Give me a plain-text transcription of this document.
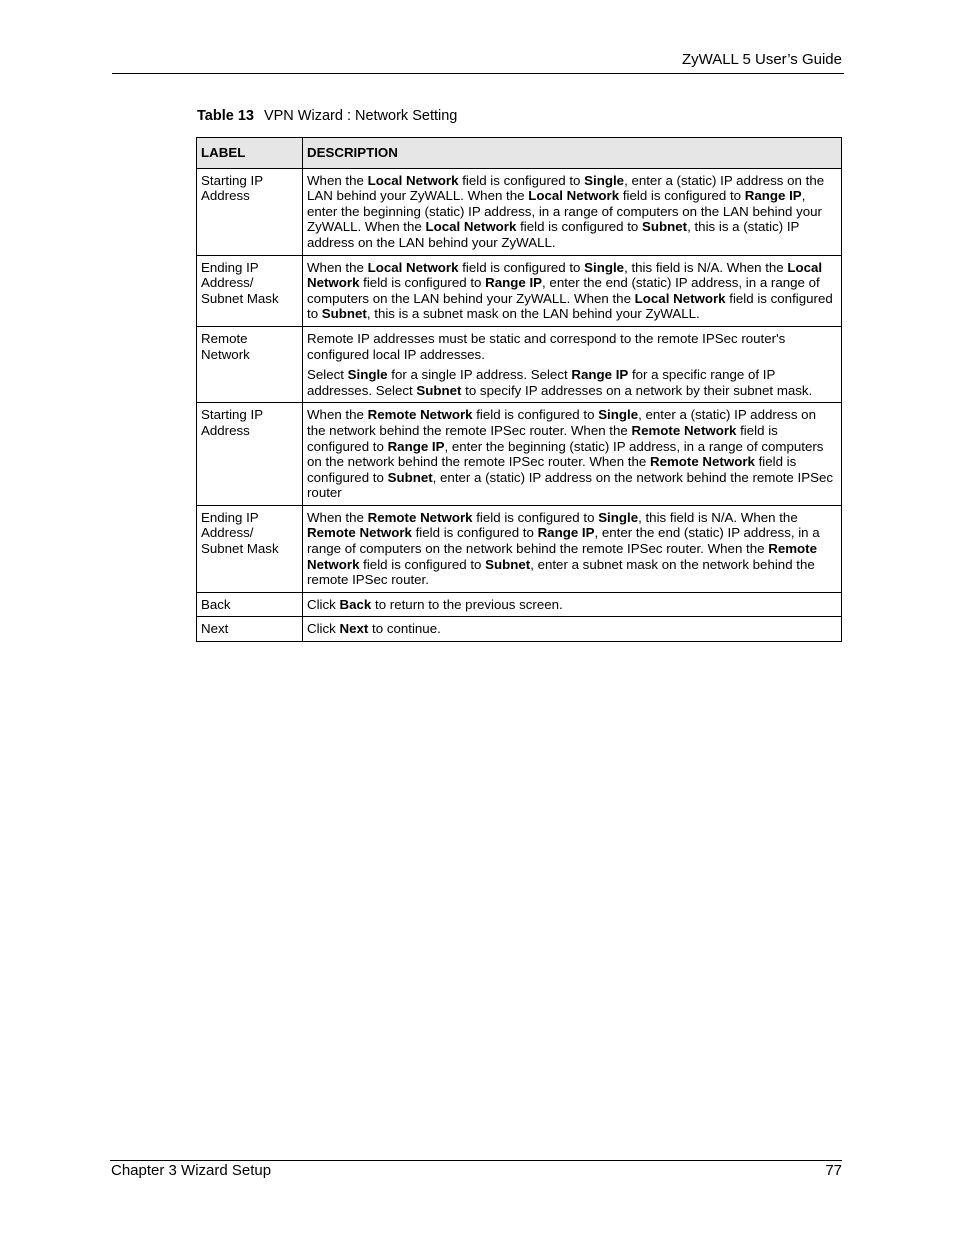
ZyWALL 5 User’s Guide
Table 13 VPN Wizard : Network Setting
LABEL	DESCRIPTION
Starting IP Address	When the Local Network field is configured to Single, enter a (static) IP address on the LAN behind your ZyWALL. When the Local Network field is configured to Range IP, enter the beginning (static) IP address, in a range of computers on the LAN behind your ZyWALL. When the Local Network field is configured to Subnet, this is a (static) IP address on the LAN behind your ZyWALL.

Ending IP Address/ Subnet Mask	When the Local Network field is configured to Single, this field is N/A. When the Local Network field is configured to Range IP, enter the end (static) IP address, in a range of computers on the LAN behind your ZyWALL. When the Local Network field is configured to Subnet, this is a subnet mask on the LAN behind your ZyWALL.

Remote Network	Remote IP addresses must be static and correspond to the remote IPSec router's configured local IP addresses.

Select Single for a single IP address. Select Range IP for a specific range of IP addresses. Select Subnet to specify IP addresses on a network by their subnet mask.

Starting IP Address	When the Remote Network field is configured to Single, enter a (static) IP address on the network behind the remote IPSec router. When the Remote Network field is configured to Range IP, enter the beginning (static) IP address, in a range of computers on the network behind the remote IPSec router. When the Remote Network field is configured to Subnet, enter a (static) IP address on the network behind the remote IPSec router

Ending IP Address/ Subnet Mask	When the Remote Network field is configured to Single, this field is N/A. When the Remote Network field is configured to Range IP, enter the end (static) IP address, in a range of computers on the network behind the remote IPSec router. When the Remote Network field is configured to Subnet, enter a subnet mask on the network behind the remote IPSec router.

Back	Click Back to return to the previous screen.

Next	Click Next to continue.

Chapter 3 Wizard Setup	77
